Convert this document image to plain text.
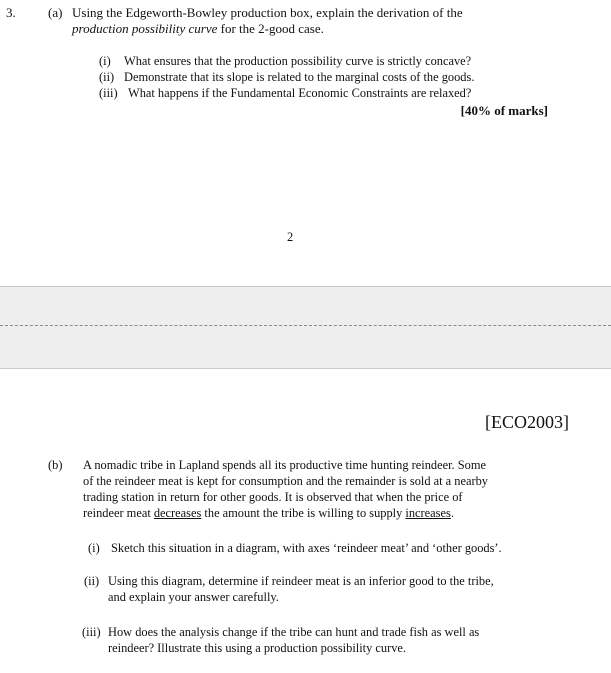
3. (a) Using the Edgeworth-Bowley production box, explain the derivation of the
production possibility curve for the 2-good case.
(i) What ensures that the production possibility curve is strictly concave?
(ii) Demonstrate that its slope is related to the marginal costs of the goods.
(iii) What happens if the Fundamental Economic Constraints are relaxed?
[40% of marks]
2
[ECO2003]
(b) A nomadic tribe in Lapland spends all its productive time hunting reindeer. Some
of the reindeer meat is kept for consumption and the remainder is sold at a nearby
trading station in return for other goods. It is observed that when the price of
reindeer meat decreases the amount the tribe is willing to supply increases.
(i) Sketch this situation in a diagram, with axes ‘reindeer meat’ and ‘other goods’.
(ii) Using this diagram, determine if reindeer meat is an inferior good to the tribe,
and explain your answer carefully.
(iii) How does the analysis change if the tribe can hunt and trade fish as well as
reindeer? Illustrate this using a production possibility curve.
